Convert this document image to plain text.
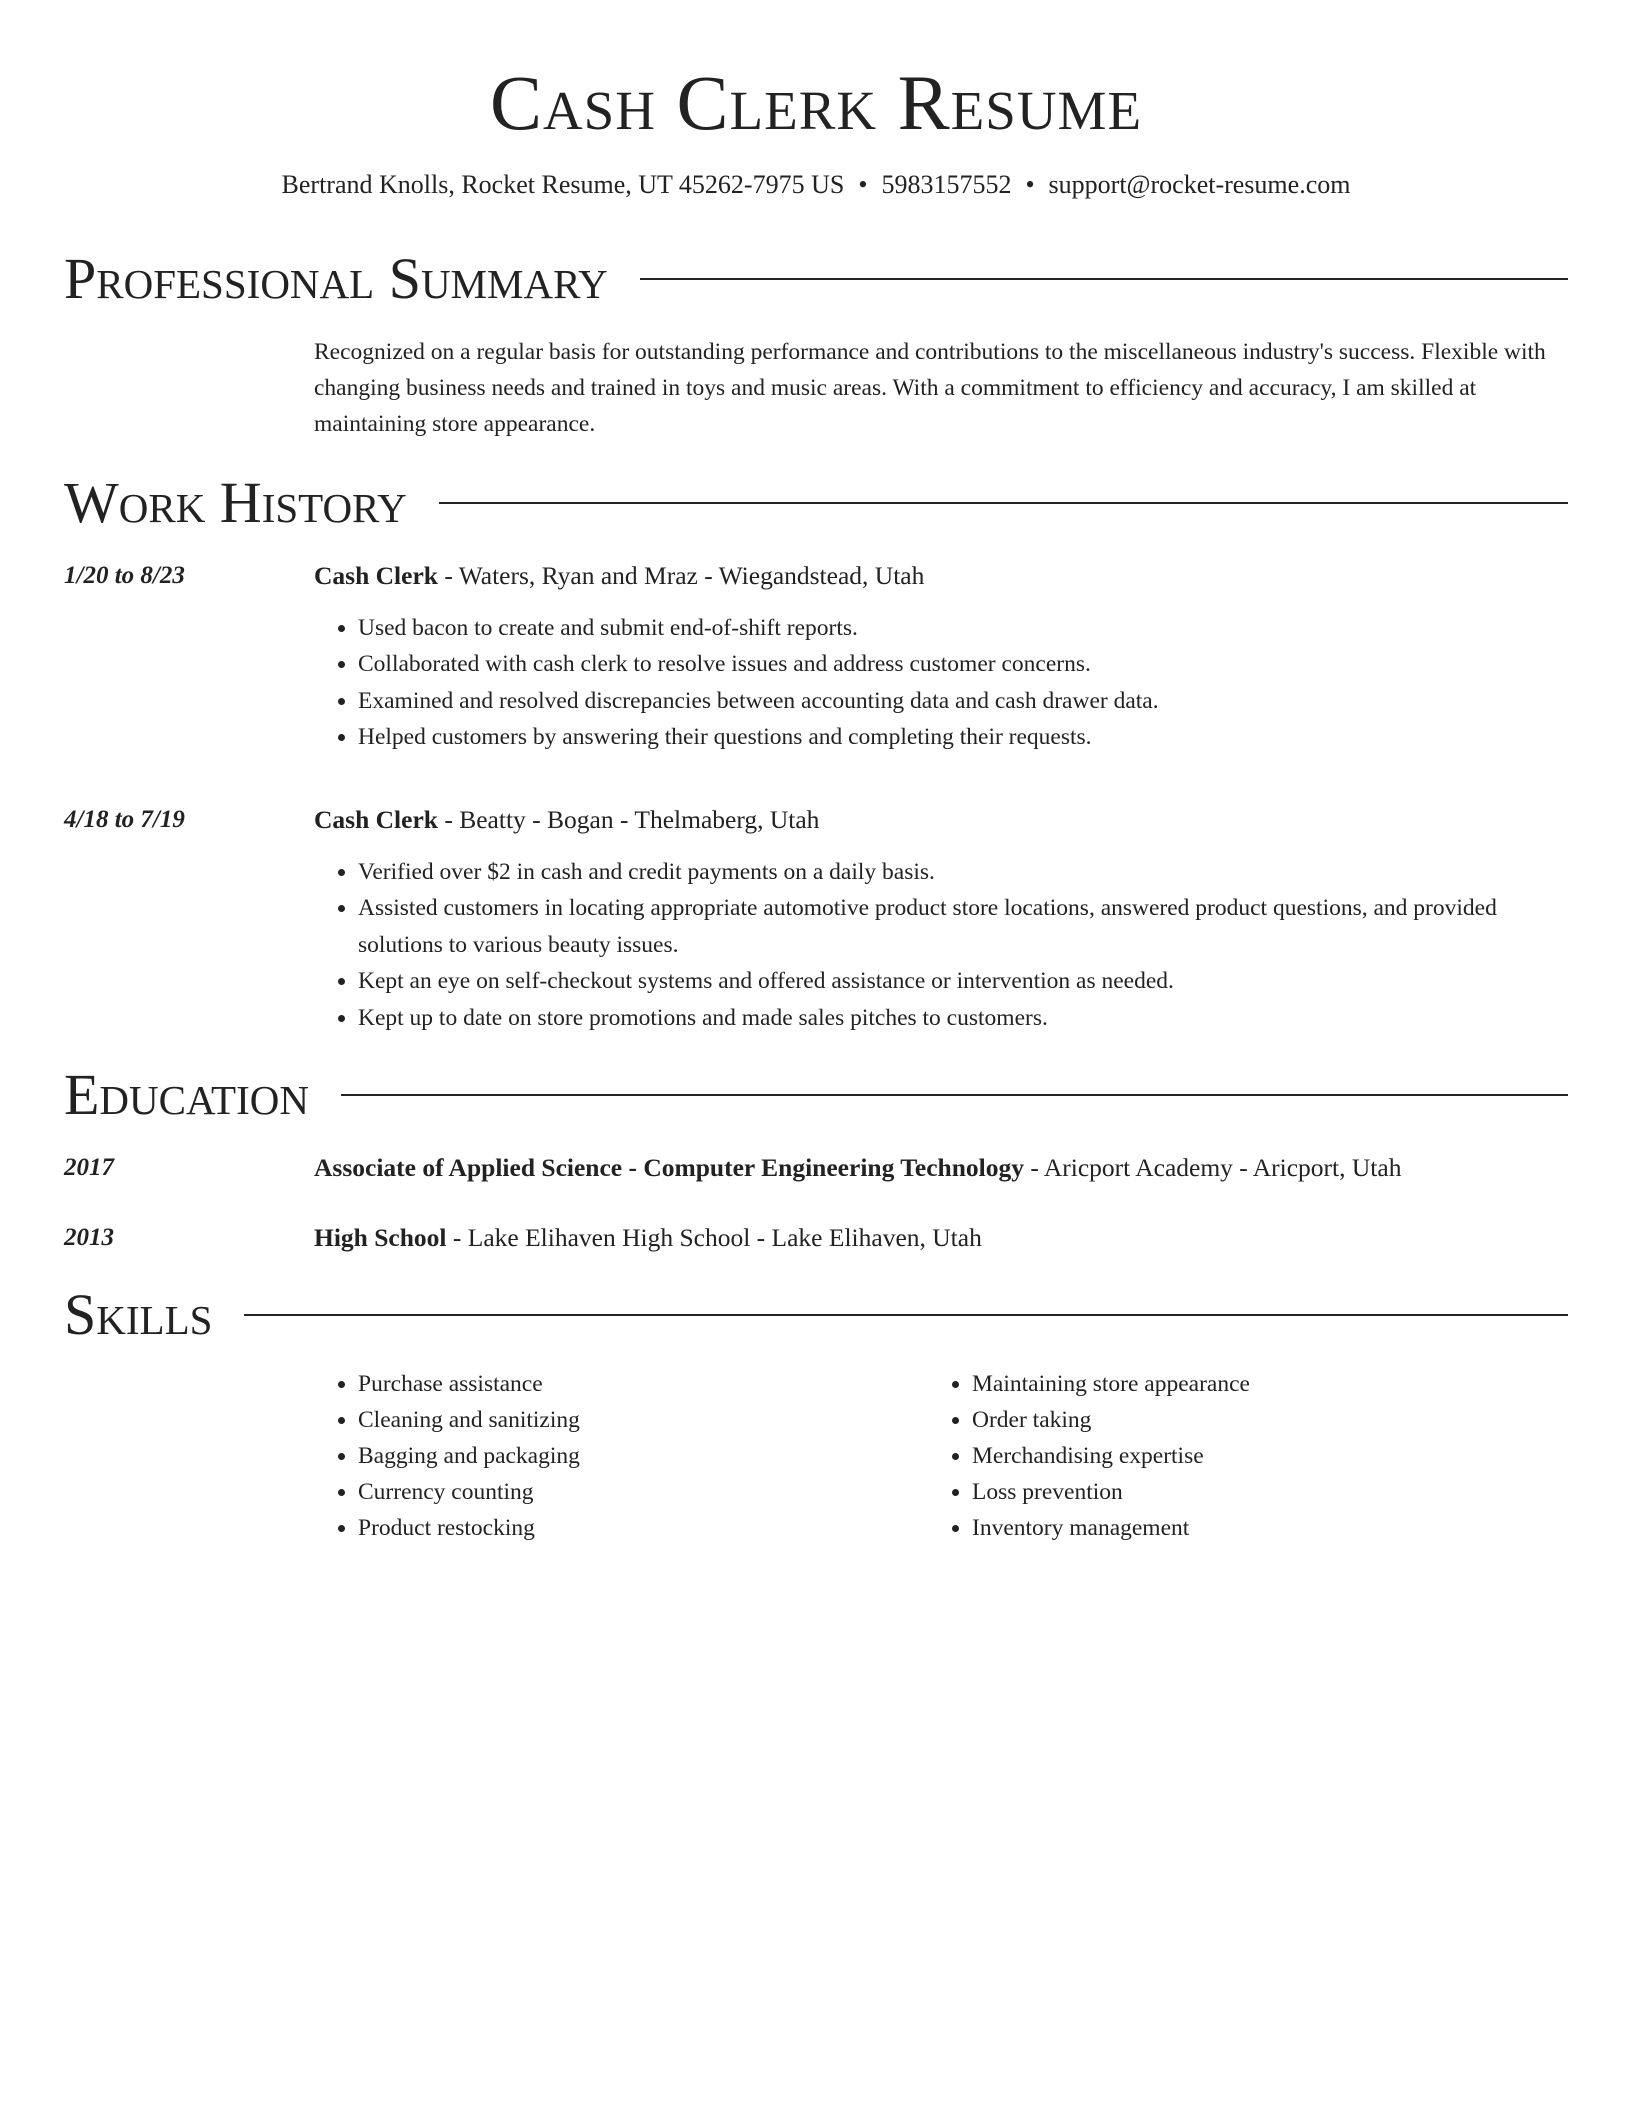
Cash Clerk Resume
Bertrand Knolls, Rocket Resume, UT 45262-7975 US • 5983157552 • support@rocket-resume.com
Professional Summary
Recognized on a regular basis for outstanding performance and contributions to the miscellaneous industry's success. Flexible with changing business needs and trained in toys and music areas. With a commitment to efficiency and accuracy, I am skilled at maintaining store appearance.
Work History
1/20 to 8/23	Cash Clerk - Waters, Ryan and Mraz - Wiegandstead, Utah
• Used bacon to create and submit end-of-shift reports.
• Collaborated with cash clerk to resolve issues and address customer concerns.
• Examined and resolved discrepancies between accounting data and cash drawer data.
• Helped customers by answering their questions and completing their requests.
4/18 to 7/19	Cash Clerk - Beatty - Bogan - Thelmaberg, Utah
• Verified over $2 in cash and credit payments on a daily basis.
• Assisted customers in locating appropriate automotive product store locations, answered product questions, and provided solutions to various beauty issues.
• Kept an eye on self-checkout systems and offered assistance or intervention as needed.
• Kept up to date on store promotions and made sales pitches to customers.
Education
2017	Associate of Applied Science - Computer Engineering Technology - Aricport Academy - Aricport, Utah
2013	High School - Lake Elihaven High School - Lake Elihaven, Utah
Skills
• Purchase assistance
• Cleaning and sanitizing
• Bagging and packaging
• Currency counting
• Product restocking
• Maintaining store appearance
• Order taking
• Merchandising expertise
• Loss prevention
• Inventory management
